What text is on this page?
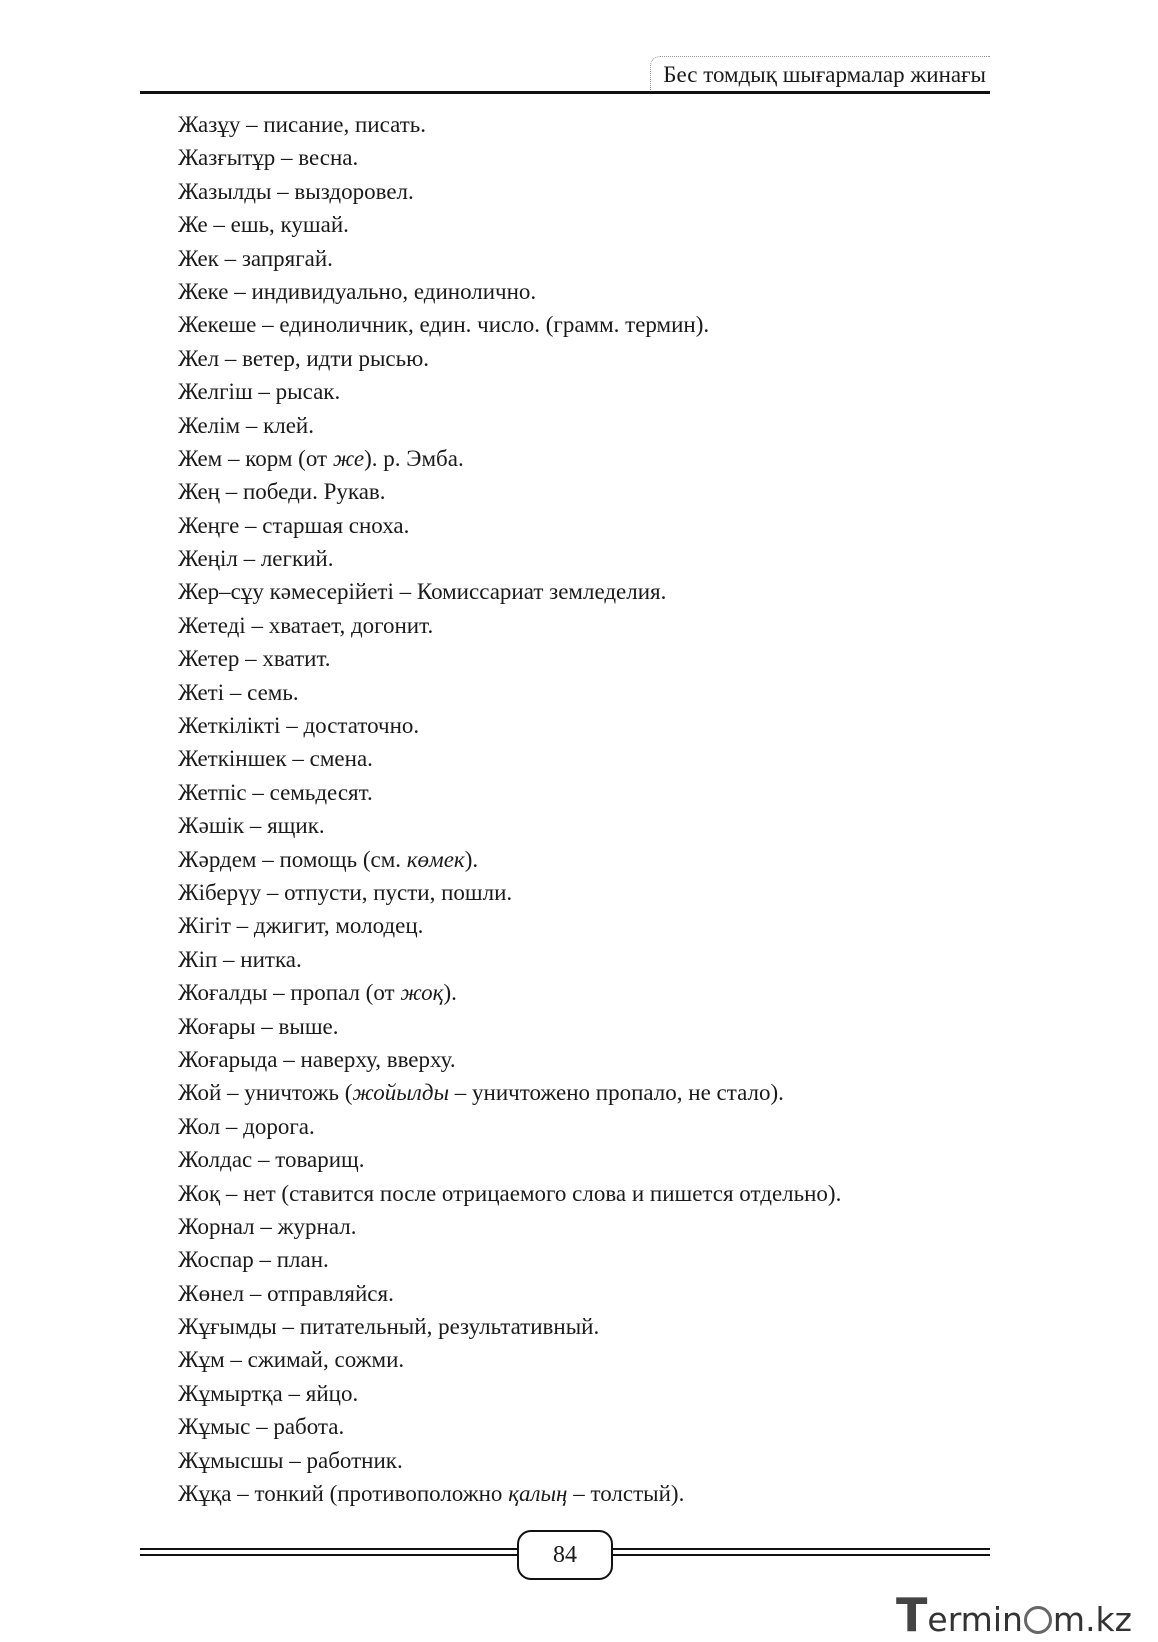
Бес томдық шығармалар жинағы
Жазұу – писание, писать.
Жазғытұр – весна.
Жазылды – выздоровел.
Же – ешь, кушай.
Жек – запрягай.
Жеке – индивидуально, единолично.
Жекеше – единоличник, един. число. (грамм. термин).
Жел – ветер, идти рысью.
Желгіш – рысак.
Желім – клей.
Жем – корм (от же). р. Эмба.
Жең – победи. Рукав.
Жеңге – старшая сноха.
Жеңіл – легкий.
Жер–сұу кәмесерійеті – Комиссариат земледелия.
Жетеді – хватает, догонит.
Жетер – хватит.
Жеті – семь.
Жеткілікті – достаточно.
Жеткіншек – смена.
Жетпіс – семьдесят.
Жәшік – ящик.
Жәрдем – помощь (см. көмек).
Жіберүу – отпусти, пусти, пошли.
Жігіт – джигит, молодец.
Жіп – нитка.
Жоғалды – пропал (от жоқ).
Жоғары – выше.
Жоғарыда – наверху, вверху.
Жой – уничтожь (жойылды – уничтожено пропало, не стало).
Жол – дорога.
Жолдас – товарищ.
Жоқ – нет (ставится после отрицаемого слова и пишется отдельно).
Жорнал – журнал.
Жоспар – план.
Жөнел – отправляйся.
Жұғымды – питательный, результативный.
Жұм – сжимай, сожми.
Жұмыртқа – яйцо.
Жұмыс – работа.
Жұмысшы – работник.
Жұқа – тонкий (противоположно қалың – толстый).
84
Termin m.kz
